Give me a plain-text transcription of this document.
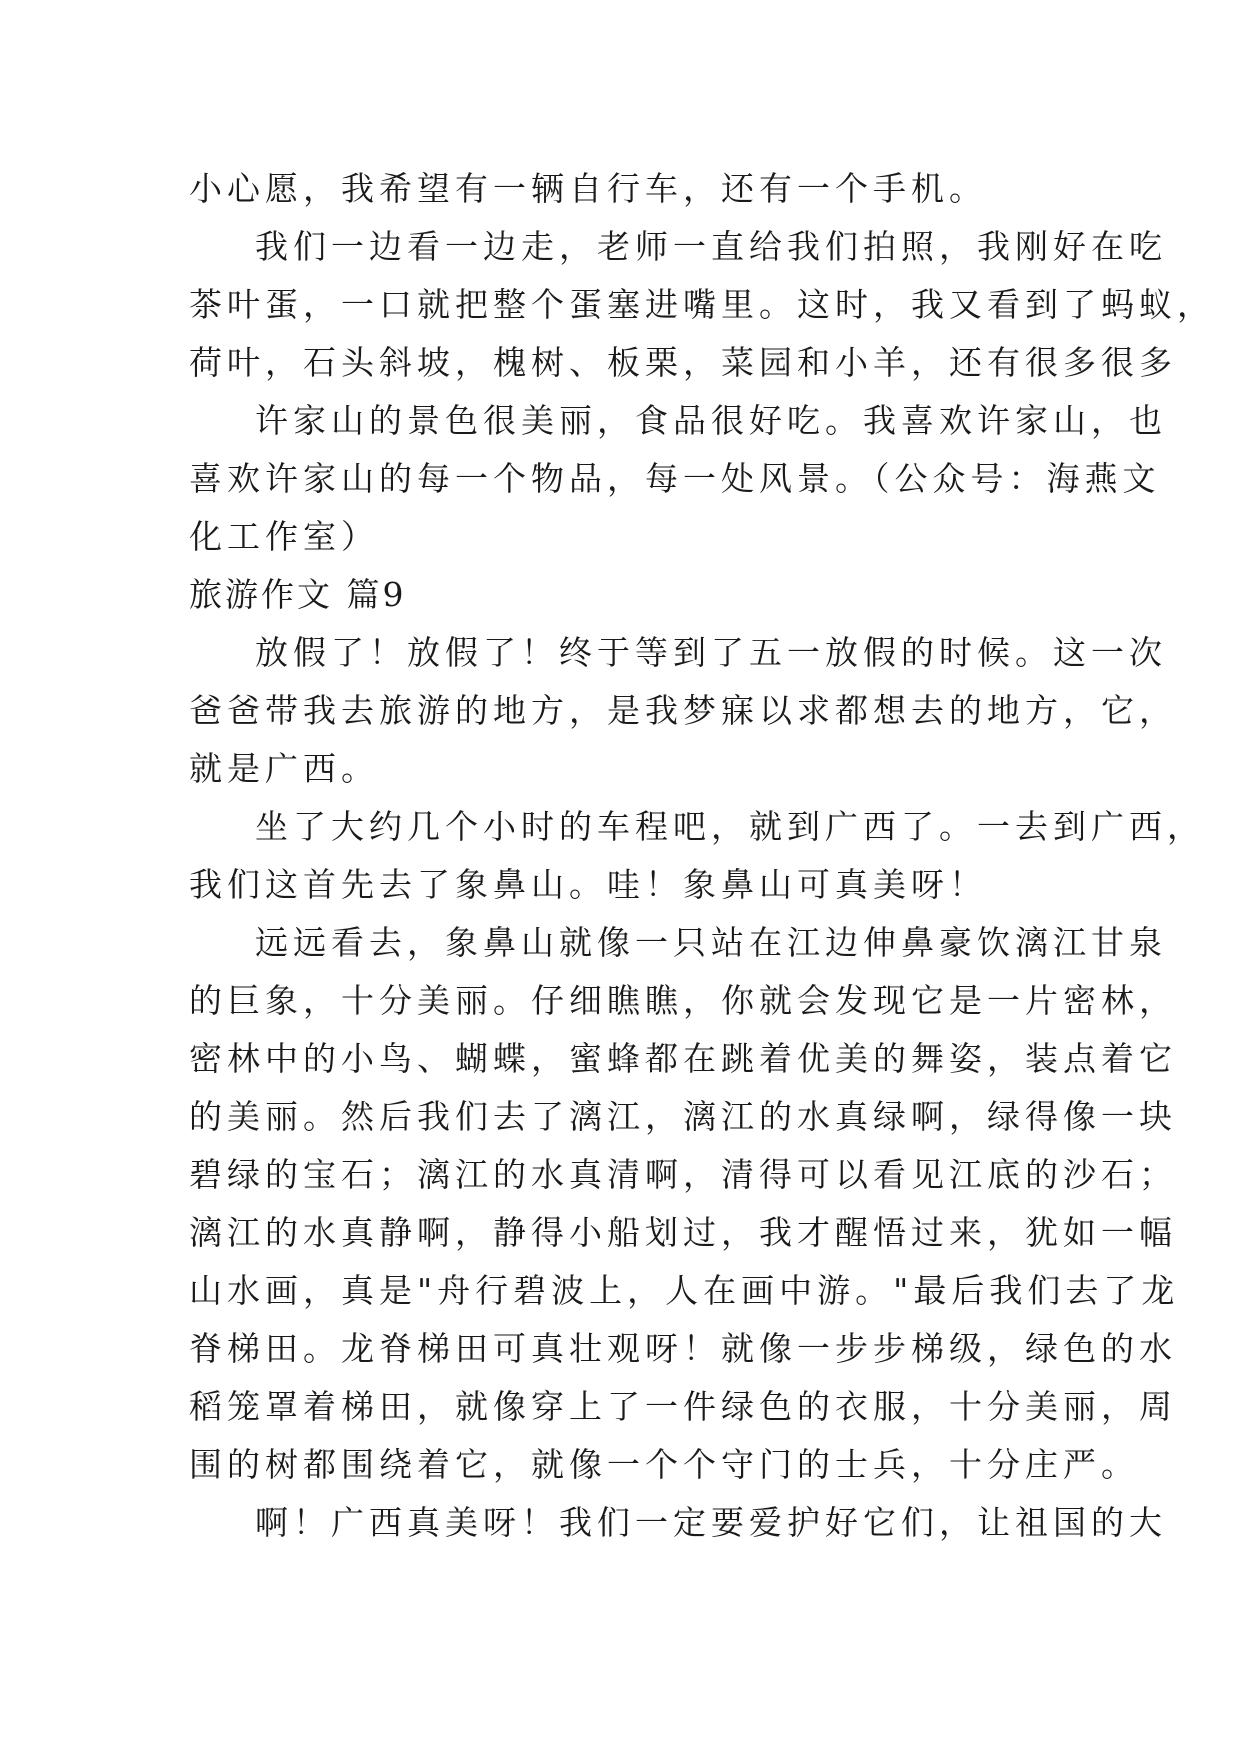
小心愿，我希望有一辆自行车，还有一个手机。
我们一边看一边走，老师一直给我们拍照，我刚好在吃
茶叶蛋，一口就把整个蛋塞进嘴里。这时，我又看到了蚂蚁，
荷叶，石头斜坡，槐树、板栗，菜园和小羊，还有很多很多
许家山的景色很美丽，食品很好吃。我喜欢许家山，也
喜欢许家山的每一个物品，每一处风景。（公众号：海燕文
化工作室）
旅游作文 篇9
放假了！放假了！终于等到了五一放假的时候。这一次
爸爸带我去旅游的地方，是我梦寐以求都想去的地方，它，
就是广西。
坐了大约几个小时的车程吧，就到广西了。一去到广西，
我们这首先去了象鼻山。哇！象鼻山可真美呀！
远远看去，象鼻山就像一只站在江边伸鼻豪饮漓江甘泉
的巨象，十分美丽。仔细瞧瞧，你就会发现它是一片密林，
密林中的小鸟、蝴蝶，蜜蜂都在跳着优美的舞姿，装点着它
的美丽。然后我们去了漓江，漓江的水真绿啊，绿得像一块
碧绿的宝石；漓江的水真清啊，清得可以看见江底的沙石；
漓江的水真静啊，静得小船划过，我才醒悟过来，犹如一幅
山水画，真是"舟行碧波上，人在画中游。"最后我们去了龙
脊梯田。龙脊梯田可真壮观呀！就像一步步梯级，绿色的水
稻笼罩着梯田，就像穿上了一件绿色的衣服，十分美丽，周
围的树都围绕着它，就像一个个守门的士兵，十分庄严。
啊！广西真美呀！我们一定要爱护好它们，让祖国的大
